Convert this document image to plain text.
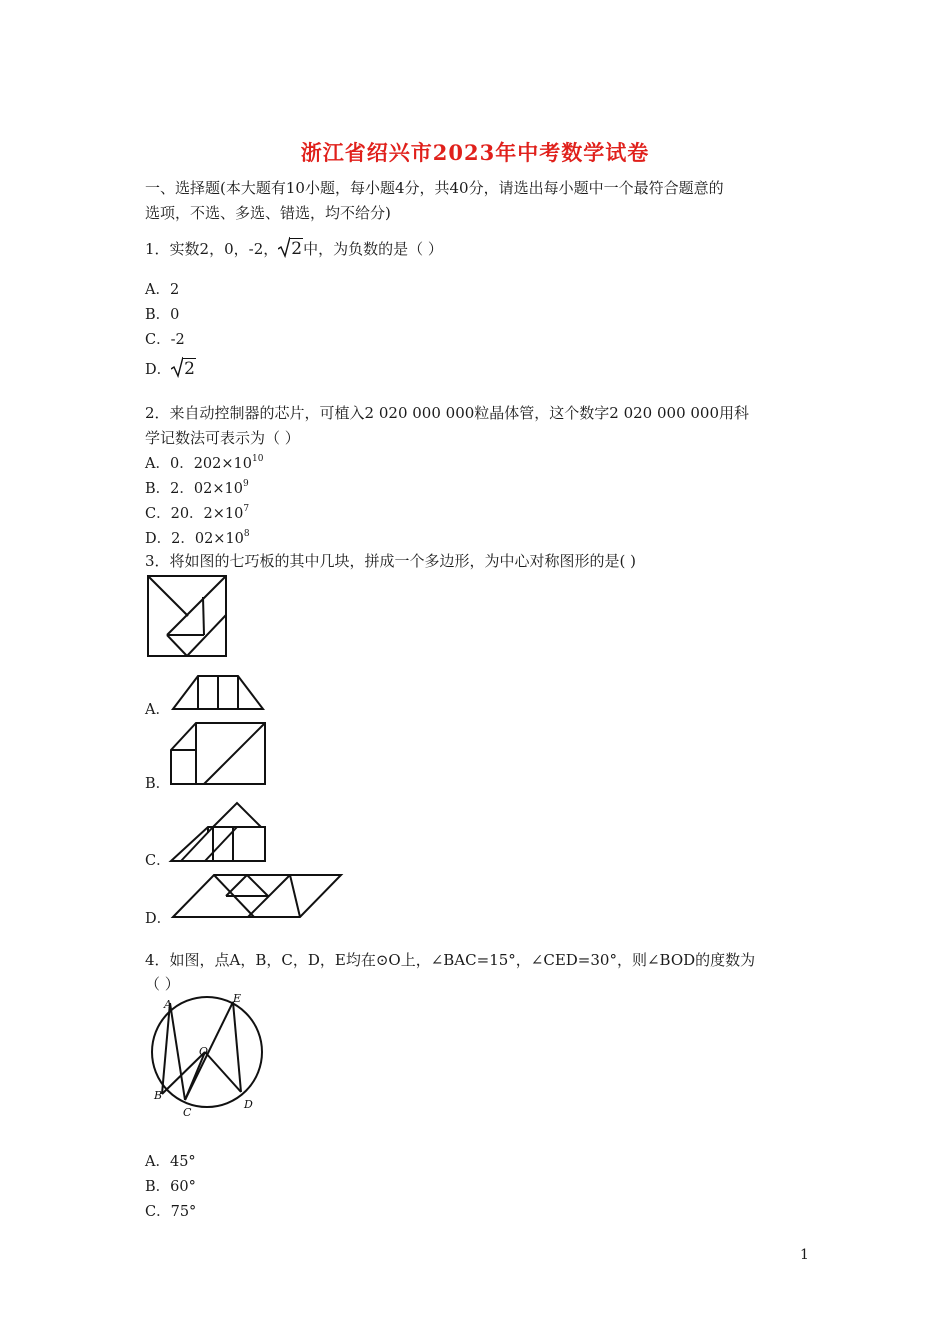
浙江省绍兴市2023年中考数学试卷
一、选择题(本大题有10小题，每小题4分，共40分，请选出每小题中一个最符合题意的
选项，不选、多选、错选，均不给分)
1．实数2，0，-2， 2中，为负数的是（ ）
A．2
B．0
C．-2
D． 2
2．来自动控制器的芯片，可植入2 020 000 000粒晶体管，这个数字2 020 000 000用科
学记数法可表示为（ ）
A．0．$202\times 10^{10}$
B．2．$02\times 10^9$
C．20．$2\times 10^7$
D．2．$02\times 10^8$
3．将如图的七巧板的其中几块，拼成一个多边形，为中心对称图形的是( )
A．
B．
C．
D．
4．如图，点A，B，C，D，E均在⊙O上，∠BAC=15°，∠CED=30°，则∠BOD的度数为
（ ）
A	E
O
B
C
D
A．45°
B．60°
C．75°
1
